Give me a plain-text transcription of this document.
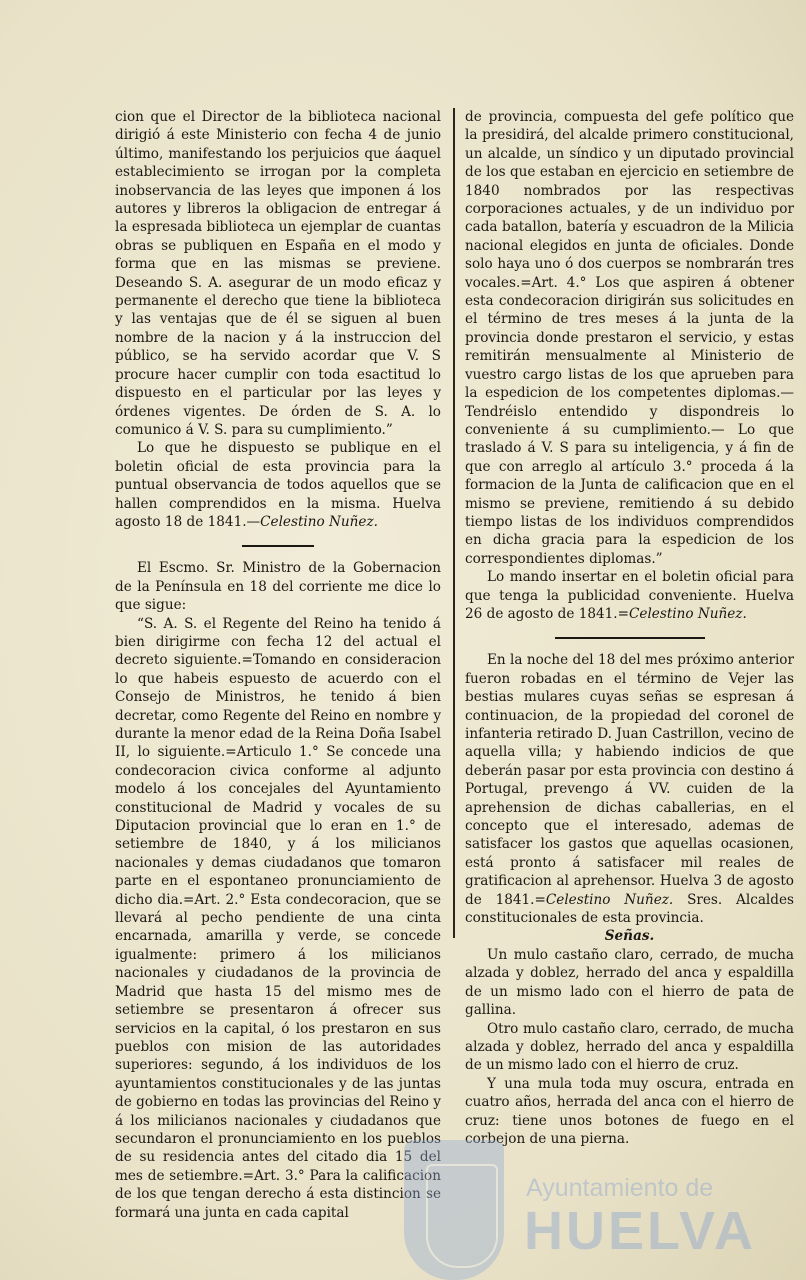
cion que el Director de la biblioteca nacional dirigió á este Ministerio con fecha 4 de junio último, manifestando los perjuicios que áaquel establecimiento se irrogan por la completa inobservancia de las leyes que imponen á los autores y libreros la obligacion de entregar á la espresada biblioteca un ejemplar de cuantas obras se publiquen en España en el modo y forma que en las mismas se previene. Deseando S. A. asegurar de un modo eficaz y permanente el derecho que tiene la biblioteca y las ventajas que de él se siguen al buen nombre de la nacion y á la instruccion del público, se ha servido acordar que V. S procure hacer cumplir con toda esactitud lo dispuesto en el particular por las leyes y órdenes vigentes. De órden de S. A. lo comunico á V. S. para su cumplimiento.”

Lo que he dispuesto se publique en el boletin oficial de esta provincia para la puntual observancia de todos aquellos que se hallen comprendidos en la misma. Huelva agosto 18 de 1841.—Celestino Nuñez.

El Escmo. Sr. Ministro de la Gobernacion de la Península en 18 del corriente me dice lo que sigue:

“S. A. S. el Regente del Reino ha tenido á bien dirigirme con fecha 12 del actual el decreto siguiente.=Tomando en consideracion lo que habeis espuesto de acuerdo con el Consejo de Ministros, he tenido á bien decretar, como Regente del Reino en nombre y durante la menor edad de la Reina Doña Isabel II, lo siguiente.=Articulo 1.° Se concede una condecoracion civica conforme al adjunto modelo á los concejales del Ayuntamiento constitucional de Madrid y vocales de su Diputacion provincial que lo eran en 1.° de setiembre de 1840, y á los milicianos nacionales y demas ciudadanos que tomaron parte en el espontaneo pronunciamiento de dicho dia.=Art. 2.° Esta condecoracion, que se llevará al pecho pendiente de una cinta encarnada, amarilla y verde, se concede igualmente: primero á los milicianos nacionales y ciudadanos de la provincia de Madrid que hasta 15 del mismo mes de setiembre se presentaron á ofrecer sus servicios en la capital, ó los prestaron en sus pueblos con mision de las autoridades superiores: segundo, á los individuos de los ayuntamientos constitucionales y de las juntas de gobierno en todas las provincias del Reino y á los milicianos nacionales y ciudadanos que secundaron el pronunciamiento en los pueblos de su residencia antes del citado dia 15 del mes de setiembre.=Art. 3.° Para la calificacion de los que tengan derecho á esta distincion se formará una junta en cada capital

de provincia, compuesta del gefe político que la presidirá, del alcalde primero constitucional, un alcalde, un síndico y un diputado provincial de los que estaban en ejercicio en setiembre de 1840 nombrados por las respectivas corporaciones actuales, y de un individuo por cada batallon, batería y escuadron de la Milicia nacional elegidos en junta de oficiales. Donde solo haya uno ó dos cuerpos se nombrarán tres vocales.=Art. 4.° Los que aspiren á obtener esta condecoracion dirigirán sus solicitudes en el término de tres meses á la junta de la provincia donde prestaron el servicio, y estas remitirán mensualmente al Ministerio de vuestro cargo listas de los que aprueben para la espedicion de los competentes diplomas.—Tendréislo entendido y dispondreis lo conveniente á su cumplimiento.— Lo que traslado á V. S para su inteligencia, y á fin de que con arreglo al artículo 3.° proceda á la formacion de la Junta de calificacion que en el mismo se previene, remitiendo á su debido tiempo listas de los individuos comprendidos en dicha gracia para la espedicion de los correspondientes diplomas.”

Lo mando insertar en el boletin oficial para que tenga la publicidad conveniente. Huelva 26 de agosto de 1841.=Celestino Nuñez.

En la noche del 18 del mes próximo anterior fueron robadas en el término de Vejer las bestias mulares cuyas señas se espresan á continuacion, de la propiedad del coronel de infanteria retirado D. Juan Castrillon, vecino de aquella villa; y habiendo indicios de que deberán pasar por esta provincia con destino á Portugal, prevengo á VV. cuiden de la aprehension de dichas caballerias, en el concepto que el interesado, ademas de satisfacer los gastos que aquellas ocasionen, está pronto á satisfacer mil reales de gratificacion al aprehensor. Huelva 3 de agosto de 1841.=Celestino Nuñez. Sres. Alcaldes constitucionales de esta provincia.

Señas.

Un mulo castaño claro, cerrado, de mucha alzada y doblez, herrado del anca y espaldilla de un mismo lado con el hierro de pata de gallina.

Otro mulo castaño claro, cerrado, de mucha alzada y doblez, herrado del anca y espaldilla de un mismo lado con el hierro de cruz.

Y una mula toda muy oscura, entrada en cuatro años, herrada del anca con el hierro de cruz: tiene unos botones de fuego en el corbejon de una pierna.

Ayuntamiento de
HUELVA
